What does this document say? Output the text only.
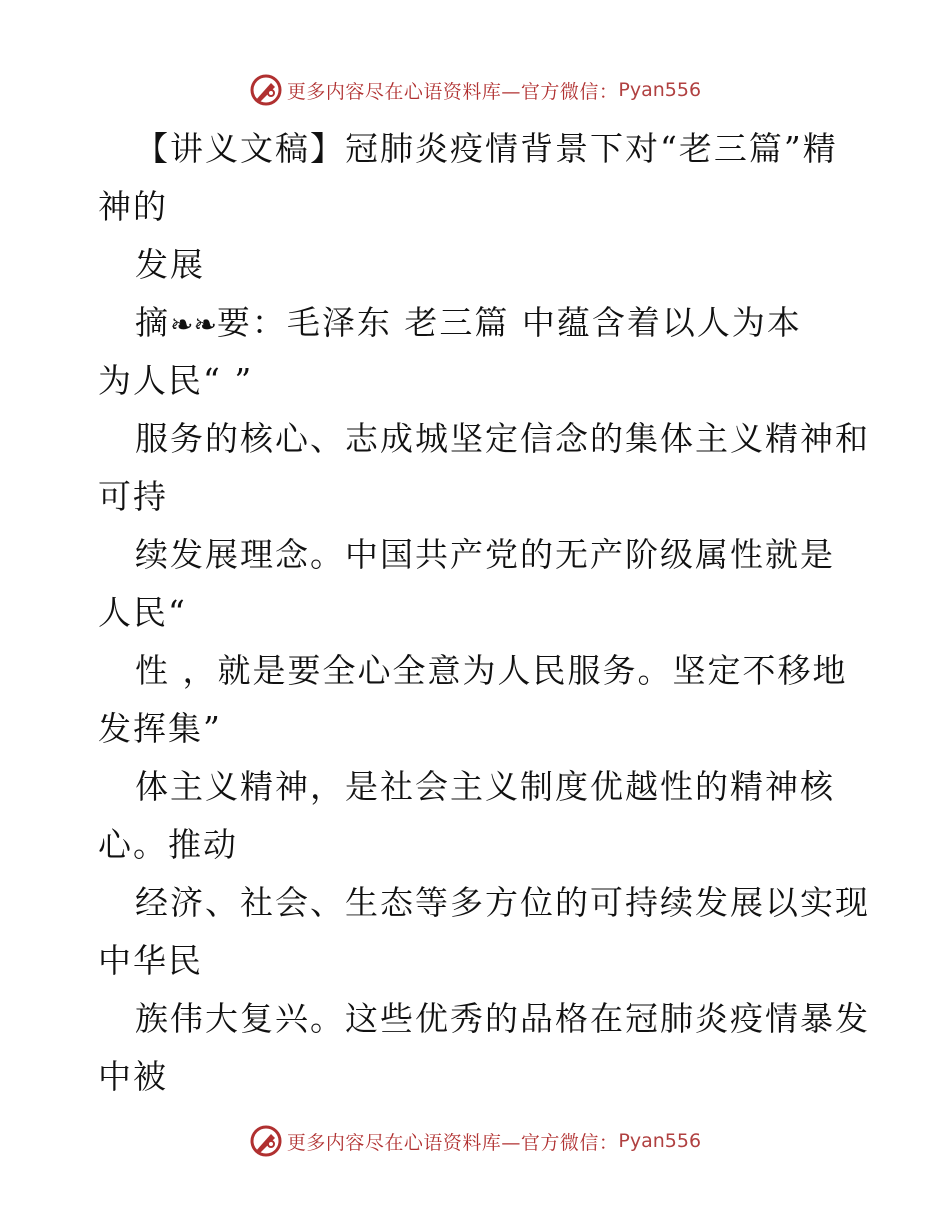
更多内容尽在心语资料库—官方微信： Pyan556
【讲义文稿】冠肺炎疫情背景下对“老三篇”精
神的
发展
摘❧❧要：毛泽东 老三篇 中蕴含着以人为本
为人民“ ”
服务的核心、志成城坚定信念的集体主义精神和
可持
续发展理念。中国共产党的无产阶级属性就是
人民“
性 ，就是要全心全意为人民服务。坚定不移地
发挥集”
体主义精神，是社会主义制度优越性的精神核
心。推动
经济、社会、生态等多方位的可持续发展以实现
中华民
族伟大复兴。这些优秀的品格在冠肺炎疫情暴发
中被
更多内容尽在心语资料库—官方微信： Pyan556
